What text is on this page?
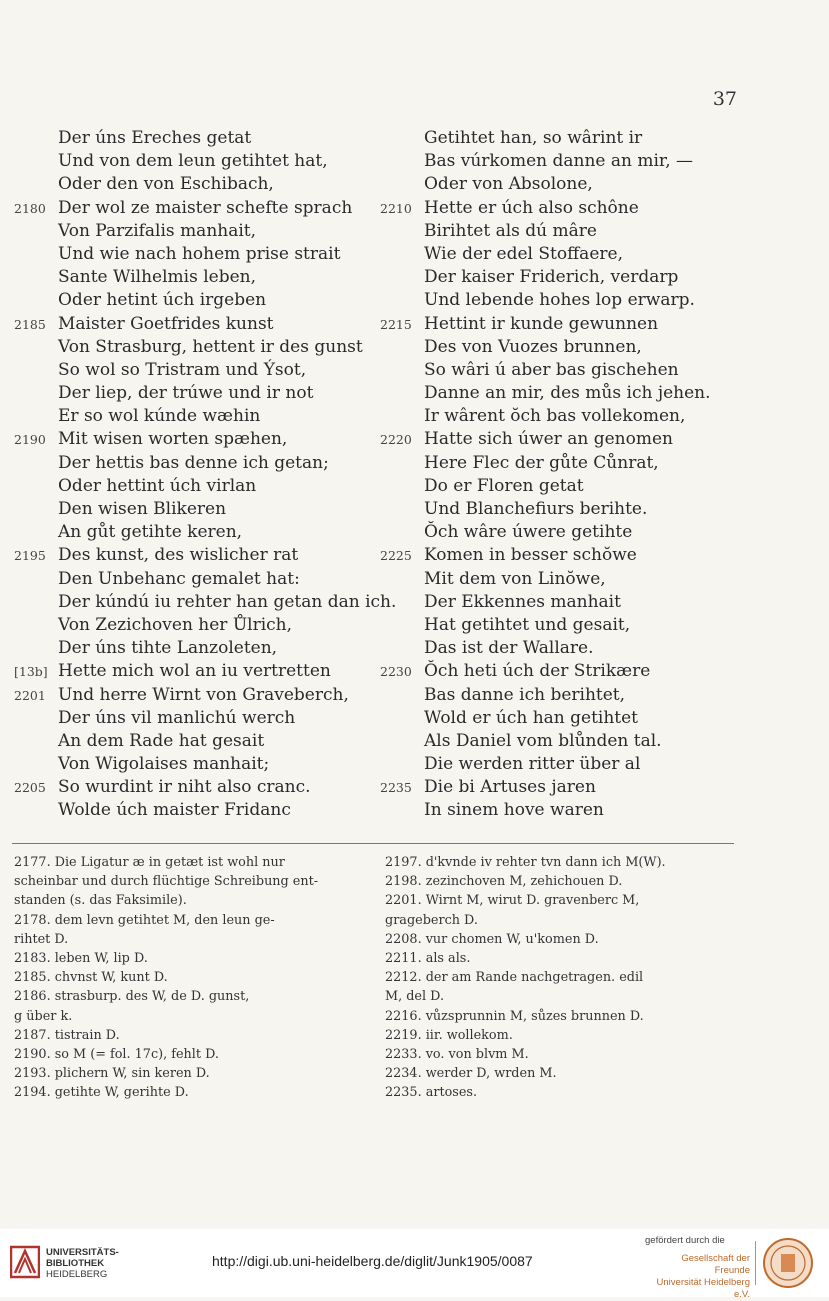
37
Der úns Ereches getat
Und von dem leun getihtet hat,
Oder den von Eschibach,
2180 Der wol ze maister schefte sprach
Von Parzifalis manhait,
Und wie nach hohem prise strait
Sante Wilhelmis leben,
Oder hetint úch irgeben
2185 Maister Goetfrides kunst
Von Strasburg, hettent ir des gunst
So wol so Tristram und Ýsot,
Der liep, der trúwe und ir not
Er so wol kúnde wæhin
2190 Mit wisen worten spæhen,
Der hettis bas denne ich getan;
Oder hettint úch virlan
Den wisen Blikeren
An gůt getihte keren,
2195 Des kunst, des wislicher rat
Den Unbehanc gemalet hat:
Der kúndú iu rehter han getan dan ich.
Von Zezichoven her Ůlrich,
Der úns tihte Lanzoleten,
[13b] Hette mich wol an iu vertretten
2201 Und herre Wirnt von Graveberch,
Der úns vil manlichú werch
An dem Rade hat gesait
Von Wigolaises manhait;
2205 So wurdint ir niht also cranc.
Wolde úch maister Fridanc
Getihtet han, so wârint ir
Bas vúrkomen danne an mir, —
Oder von Absolone,
2210 Hette er úch also schône
Birihtet als dú mâre
Wie der edel Stoffaere,
Der kaiser Friderich, verdarp
Und lebende hohes lop erwarp.
2215 Hettint ir kunde gewunnen
Des von Vuozes brunnen,
So wâri ú aber bas gischehen
Danne an mir, des můs ich jehen.
Ir wârent ŏch bas vollekomen,
2220 Hatte sich úwer an genomen
Here Flec der gůte Cůnrat,
Do er Floren getat
Und Blanchefiurs berihte.
Ŏch wâre úwere getihte
2225 Komen in besser schŏwe
Mit dem von Linŏwe,
Der Ekkennes manhait
Hat getihtet und gesait,
Das ist der Wallare.
2230 Ŏch heti úch der Strikære
Bas danne ich berihtet,
Wold er úch han getihtet
Als Daniel vom blůnden tal.
Die werden ritter über al
2235 Die bi Artuses jaren
In sinem hove waren
2177. Die Ligatur æ in getæt ist wohl nur
scheinbar und durch flüchtige Schreibung ent-
standen (s. das Faksimile).
2178. dem levn getihtet M, den leun ge-
rihtet D.
2183. leben W, lip D.
2185. chvnst W, kunt D.
2186. strasburp. des W, de D. gunst,
g über k.
2187. tistrain D.
2190. so M (= fol. 17c), fehlt D.
2193. plichern W, sin keren D.
2194. getihte W, gerihte D.
2197. d'kvnde iv rehter tvn dann ich M(W).
2198. zezinchoven M, zehichouen D.
2201. Wirnt M, wirut D. gravenberc M,
grageberch D.
2208. vur chomen W, u'komen D.
2211. als als.
2212. der am Rande nachgetragen. edil
M, del D.
2216. vůzsprunnin M, sůzes brunnen D.
2219. iir. wollekom.
2233. vo. von blvm M.
2234. werder D, wrden M.
2235. artoses.
UNIVERSITÄTS-
BIBLIOTHEK
HEIDELBERG
http://digi.ub.uni-heidelberg.de/diglit/Junk1905/0087
gefördert durch die
Gesellschaft der Freunde
Universität Heidelberg e.V.
